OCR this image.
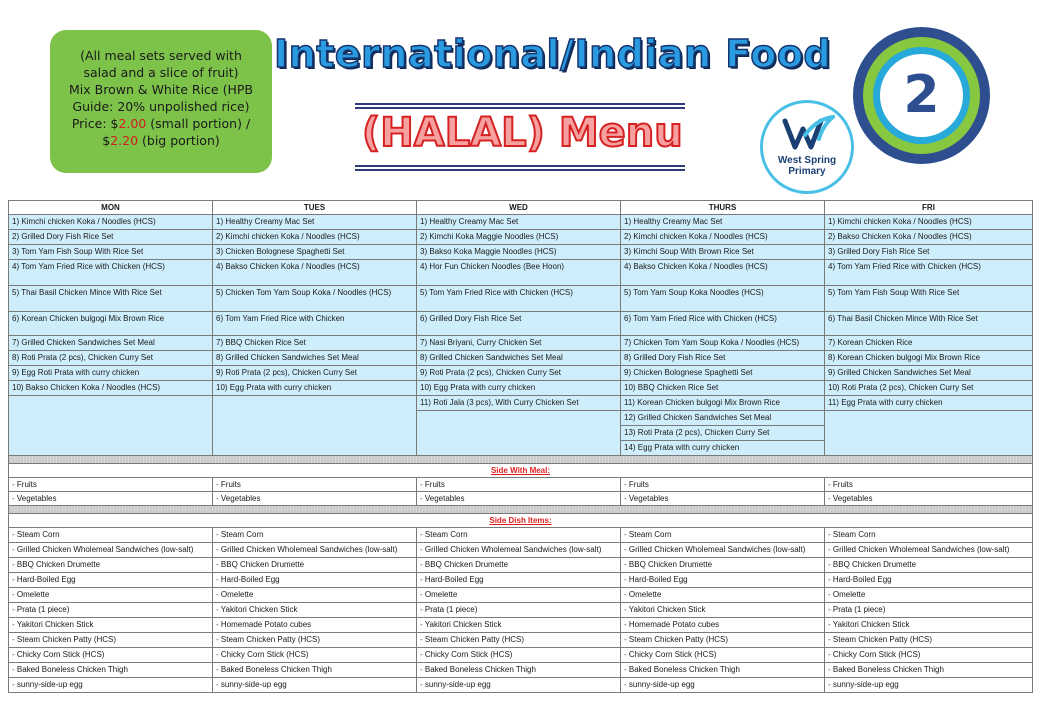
(All meal sets served with
salad and a slice of fruit)
Mix Brown & White Rice (HPB
Guide: 20% unpolished rice)
Price: $2.00 (small portion) /
$2.20 (big portion)
International/Indian Food
(HALAL) Menu
2
West Spring
Primary
MON	TUES	WED	THURS	FRI
1) Kimchi chicken Koka / Noodles (HCS)	1) Healthy Creamy Mac Set	1) Healthy Creamy Mac Set	1) Healthy Creamy Mac Set	1) Kimchi chicken Koka / Noodles (HCS)
2) Grilled Dory Fish Rice Set	2) Kimchi chicken Koka / Noodles (HCS)	2) Kimchi Koka Maggie Noodles (HCS)	2) Kimchi chicken Koka / Noodles (HCS)	2) Bakso Chicken Koka / Noodles (HCS)
3) Tom Yam Fish Soup With Rice Set	3) Chicken Bolognese Spaghetti Set	3) Bakso Koka Maggie Noodles (HCS)	3) Kimchi Soup With Brown Rice Set	3) Grilled Dory Fish Rice Set
4) Tom Yam Fried Rice with Chicken (HCS)	4) Bakso Chicken Koka / Noodles (HCS)	4) Hor Fun Chicken Noodles (Bee Hoon)	4) Bakso Chicken Koka / Noodles (HCS)	4) Tom Yam Fried Rice with Chicken (HCS)
5) Thai Basil Chicken Mince With Rice Set	5) Chicken Tom Yam Soup Koka / Noodles (HCS)	5) Tom Yam Fried Rice with Chicken (HCS)	5) Tom Yam Soup Koka Noodles (HCS)	5) Tom Yam Fish Soup With Rice Set
6) Korean Chicken bulgogi Mix Brown Rice	6) Tom Yam Fried Rice with Chicken	6) Grilled Dory Fish Rice Set	6) Tom Yam Fried Rice with Chicken (HCS)	6) Thai Basil Chicken Mince With Rice Set
7) Grilled Chicken Sandwiches Set Meal	7) BBQ Chicken Rice Set	7) Nasi Briyani, Curry Chicken Set	7) Chicken Tom Yam Soup Koka / Noodles (HCS)	7) Korean Chicken Rice
8) Roti Prata (2 pcs), Chicken Curry Set	8) Grilled Chicken Sandwiches Set Meal	8) Grilled Chicken Sandwiches Set Meal	8) Grilled Dory Fish Rice Set	8) Korean Chicken bulgogi Mix Brown Rice
9) Egg Roti Prata with curry chicken	9) Roti Prata (2 pcs), Chicken Curry Set	9) Roti Prata (2 pcs), Chicken Curry Set	9) Chicken Bolognese Spaghetti Set	9) Grilled Chicken Sandwiches Set Meal
10) Bakso Chicken Koka / Noodles (HCS)	10) Egg Prata with curry chicken	10) Egg Prata with curry chicken	10) BBQ Chicken Rice Set	10) Roti Prata (2 pcs), Chicken Curry Set
		11) Roti Jala (3 pcs), With Curry Chicken Set	11) Korean Chicken bulgogi Mix Brown Rice	11) Egg Prata with curry chicken
			12) Grilled Chicken Sandwiches Set Meal	
			13) Roti Prata (2 pcs), Chicken Curry Set	
			14) Egg Prata with curry chicken	

Side With Meal:				
- Fruits	- Fruits	- Fruits	- Fruits	- Fruits
- Vegetables	- Vegetables	- Vegetables	- Vegetables	- Vegetables

Side Dish Items:				
- Steam Corn	- Steam Corn	- Steam Corn	- Steam Corn	- Steam Corn
- Grilled Chicken Wholemeal Sandwiches (low-salt)	- Grilled Chicken Wholemeal Sandwiches (low-salt)	- Grilled Chicken Wholemeal Sandwiches (low-salt)	- Grilled Chicken Wholemeal Sandwiches (low-salt)	- Grilled Chicken Wholemeal Sandwiches (low-salt)
- BBQ Chicken Drumette	- BBQ Chicken Drumette	- BBQ Chicken Drumette	- BBQ Chicken Drumette	- BBQ Chicken Drumette
- Hard-Boiled Egg	- Hard-Boiled Egg	- Hard-Boiled Egg	- Hard-Boiled Egg	- Hard-Boiled Egg
- Omelette	- Omelette	- Omelette	- Omelette	- Omelette
- Prata (1 piece)	- Yakitori Chicken Stick	- Prata (1 piece)	- Yakitori Chicken Stick	- Prata (1 piece)
- Yakitori Chicken Stick	- Homemade Potato cubes	- Yakitori Chicken Stick	- Homemade Potato cubes	- Yakitori Chicken Stick
- Steam Chicken Patty (HCS)	- Steam Chicken Patty (HCS)	- Steam Chicken Patty (HCS)	- Steam Chicken Patty (HCS)	- Steam Chicken Patty (HCS)
- Chicky Corn Stick (HCS)	- Chicky Corn Stick (HCS)	- Chicky Corn Stick (HCS)	- Chicky Corn Stick (HCS)	- Chicky Corn Stick (HCS)
- Baked Boneless Chicken Thigh	- Baked Boneless Chicken Thigh	- Baked Boneless Chicken Thigh	- Baked Boneless Chicken Thigh	- Baked Boneless Chicken Thigh
- sunny-side-up egg	- sunny-side-up egg	- sunny-side-up egg	- sunny-side-up egg	- sunny-side-up egg
